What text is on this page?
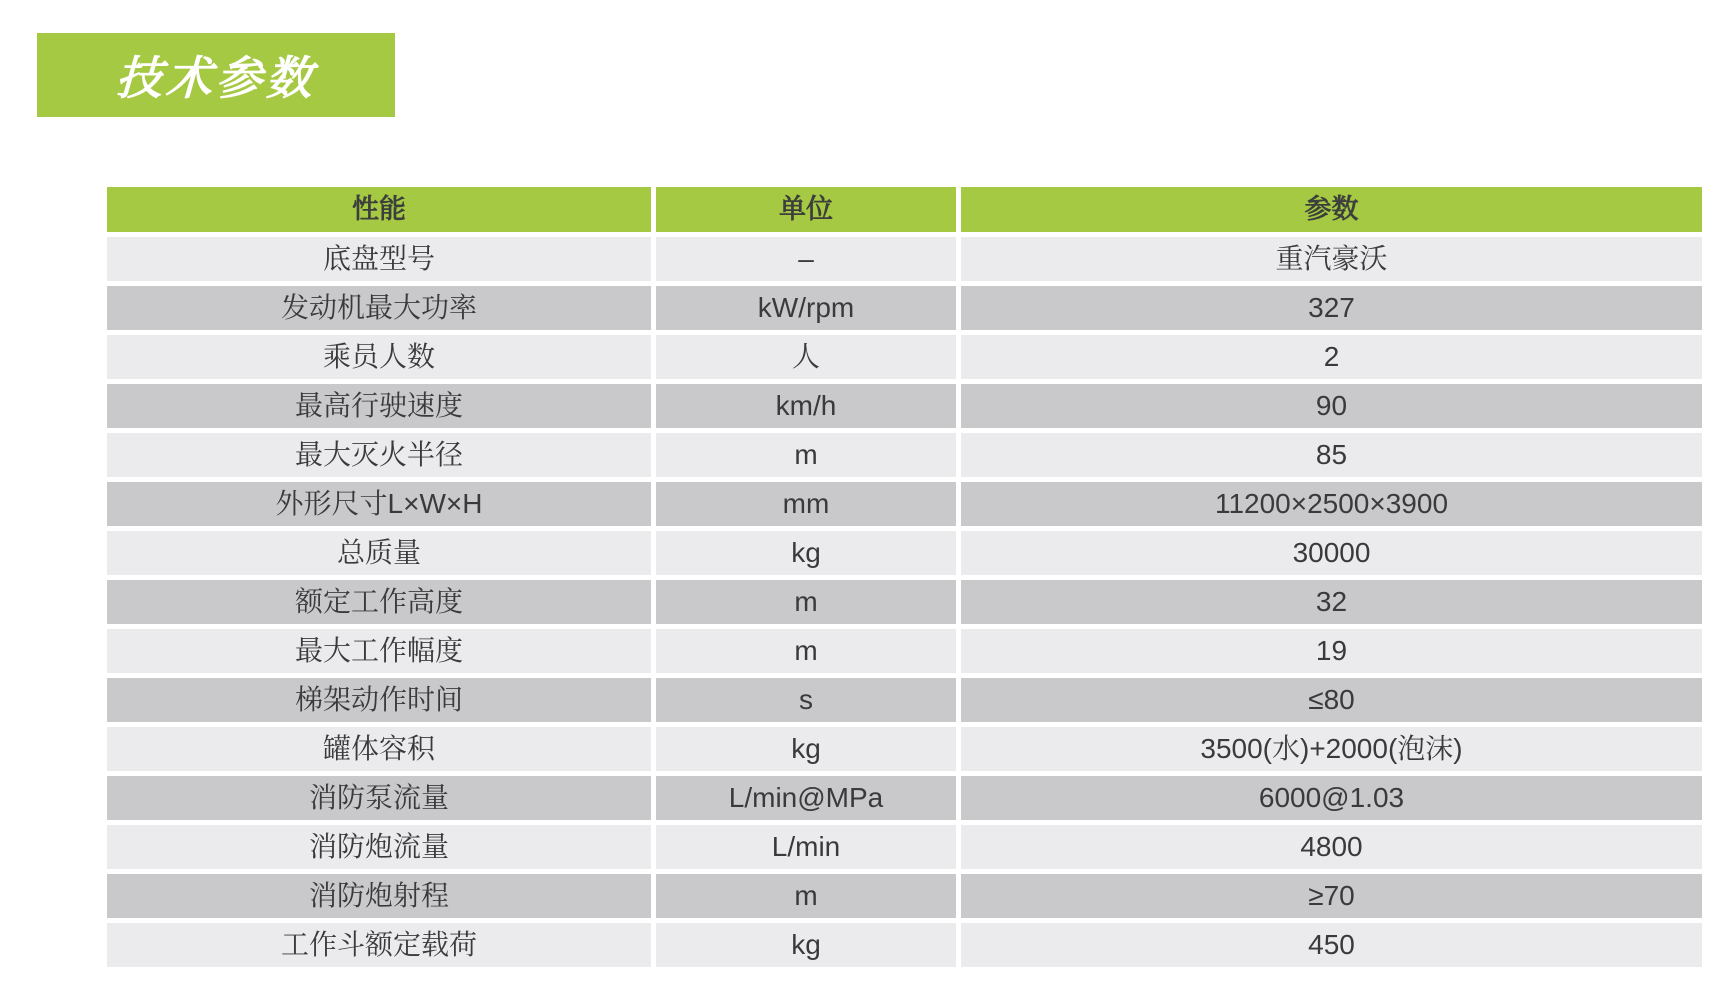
技术参数
性能	单位	参数
底盘型号	–	重汽豪沃
发动机最大功率	kW/rpm	327
乘员人数	人	2
最高行驶速度	km/h	90
最大灭火半径	m	85
外形尺寸L×W×H	mm	11200×2500×3900
总质量	kg	30000
额定工作高度	m	32
最大工作幅度	m	19
梯架动作时间	s	≤80
罐体容积	kg	3500(水)+2000(泡沫)
消防泵流量	L/min@MPa	6000@1.03
消防炮流量	L/min	4800
消防炮射程	m	≥70
工作斗额定载荷	kg	450
